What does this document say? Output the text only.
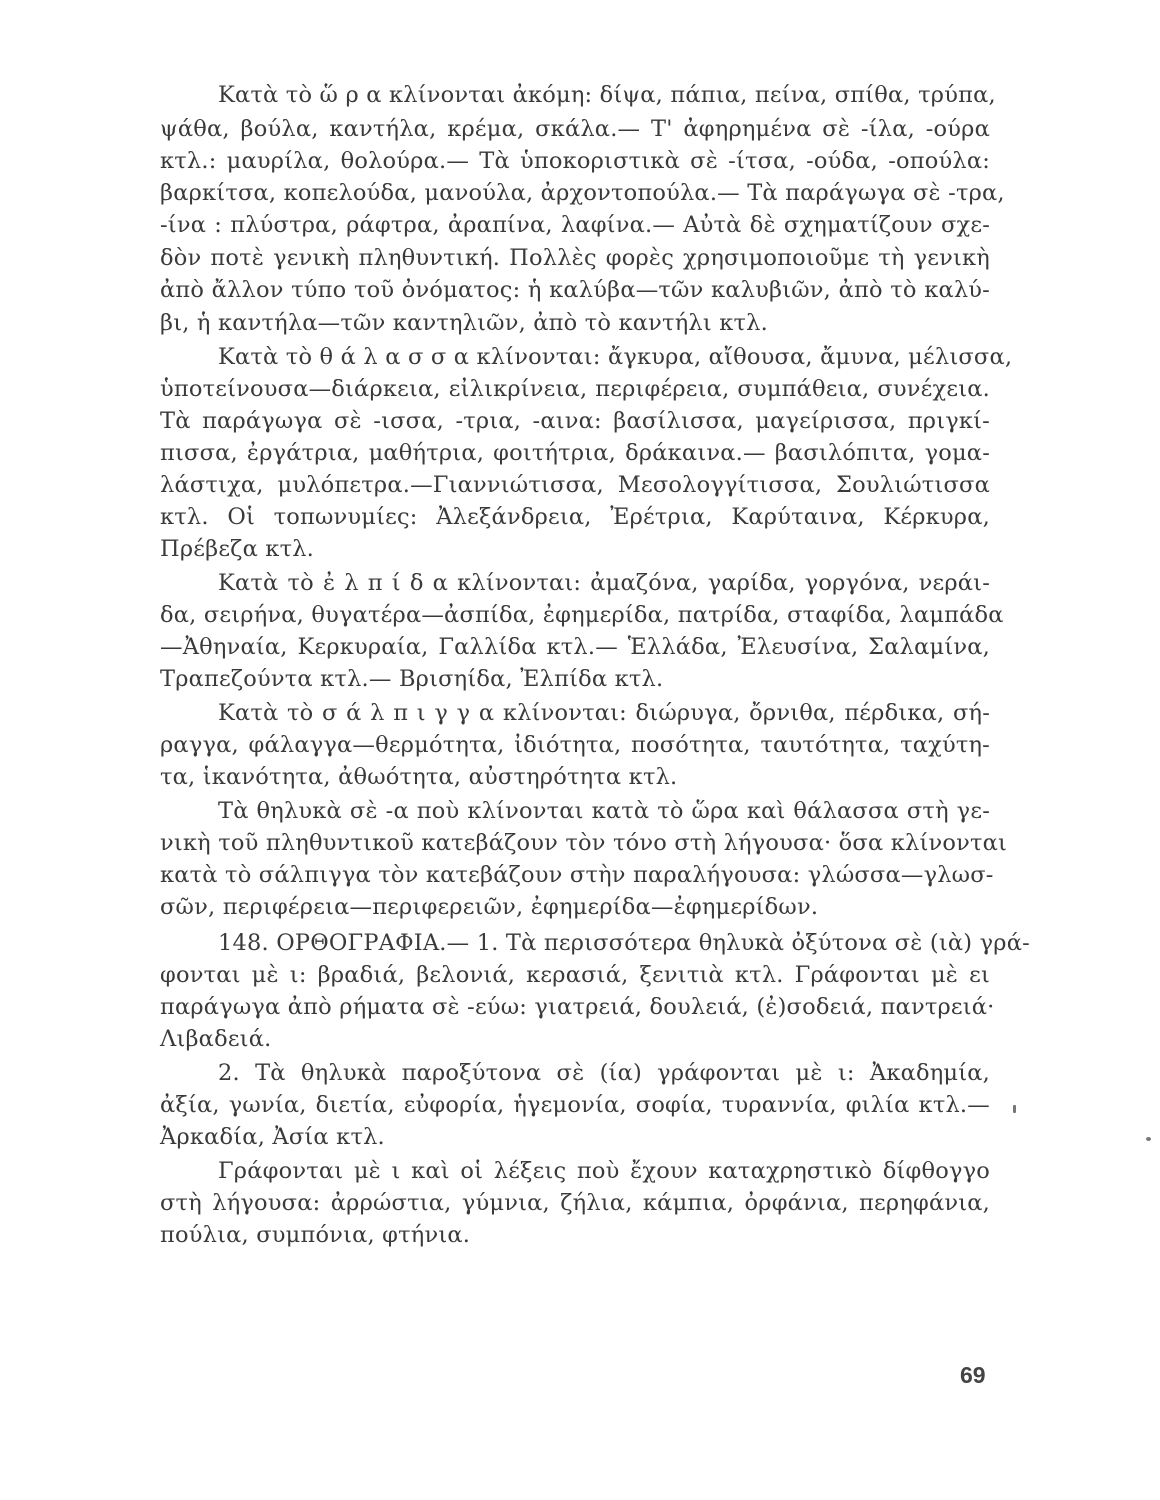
Κατὰ τὸ ὥ ρ α κλίνονται ἀκόμη: δίψα, πάπια, πείνα, σπίθα, τρύπα,
ψάθα, βούλα, καντήλα, κρέμα, σκάλα.— Τ' ἀφηρημένα σὲ -ίλα, -ούρα
κτλ.: μαυρίλα, θολούρα.— Τὰ ὑποκοριστικὰ σὲ -ίτσα, -ούδα, -οπούλα:
βαρκίτσα, κοπελούδα, μανούλα, ἀρχοντοπούλα.— Τὰ παράγωγα σὲ -τρα,
-ίνα : πλύστρα, ράφτρα, ἀραπίνα, λαφίνα.— Αὐτὰ δὲ σχηματίζουν σχε-
δὸν ποτὲ γενικὴ πληθυντική. Πολλὲς φορὲς χρησιμοποιοῦμε τὴ γενικὴ
ἀπὸ ἄλλον τύπο τοῦ ὀνόματος: ἡ καλύβα—τῶν καλυβιῶν, ἀπὸ τὸ καλύ-
βι, ἡ καντήλα—τῶν καντηλιῶν, ἀπὸ τὸ καντήλι κτλ.
Κατὰ τὸ θ ά λ α σ σ α κλίνονται: ἄγκυρα, αἴθουσα, ἄμυνα, μέλισσα,
ὑποτείνουσα—διάρκεια, εἰλικρίνεια, περιφέρεια, συμπάθεια, συνέχεια.
Τὰ παράγωγα σὲ -ισσα, -τρια, -αινα: βασίλισσα, μαγείρισσα, πριγκί-
πισσα, ἐργάτρια, μαθήτρια, φοιτήτρια, δράκαινα.— βασιλόπιτα, γομα-
λάστιχα, μυλόπετρα.—Γιαννιώτισσα, Μεσολογγίτισσα, Σουλιώτισσα
κτλ. Οἱ τοπωνυμίες: Ἀλεξάνδρεια, Ἐρέτρια, Καρύταινα, Κέρκυρα,
Πρέβεζα κτλ.
Κατὰ τὸ ἐ λ π ί δ α κλίνονται: ἀμαζόνα, γαρίδα, γοργόνα, νεράι-
δα, σειρήνα, θυγατέρα—ἀσπίδα, ἐφημερίδα, πατρίδα, σταφίδα, λαμπάδα
—Ἀθηναία, Κερκυραία, Γαλλίδα κτλ.— Ἑλλάδα, Ἐλευσίνα, Σαλαμίνα,
Τραπεζούντα κτλ.— Βρισηίδα, Ἐλπίδα κτλ.
Κατὰ τὸ σ ά λ π ι γ γ α κλίνονται: διώρυγα, ὄρνιθα, πέρδικα, σή-
ραγγα, φάλαγγα—θερμότητα, ἰδιότητα, ποσότητα, ταυτότητα, ταχύτη-
τα, ἱκανότητα, ἀθωότητα, αὐστηρότητα κτλ.
Τὰ θηλυκὰ σὲ -α ποὺ κλίνονται κατὰ τὸ ὥρα καὶ θάλασσα στὴ γε-
νικὴ τοῦ πληθυντικοῦ κατεβάζουν τὸν τόνο στὴ λήγουσα· ὅσα κλίνονται
κατὰ τὸ σάλπιγγα τὸν κατεβάζουν στὴν παραλήγουσα: γλώσσα—γλωσ-
σῶν, περιφέρεια—περιφερειῶν, ἐφημερίδα—ἐφημερίδων.
148. ΟΡΘΟΓΡΑΦΙΑ.— 1. Τὰ περισσότερα θηλυκὰ ὀξύτονα σὲ (ιὰ) γρά-
φονται μὲ ι: βραδιά, βελονιά, κερασιά, ξενιτιὰ κτλ. Γράφονται μὲ ει
παράγωγα ἀπὸ ρήματα σὲ -εύω: γιατρειά, δουλειά, (ἐ)σοδειά, παντρειά·
Λιβαδειά.
2. Τὰ θηλυκὰ παροξύτονα σὲ (ία) γράφονται μὲ ι: Ἀκαδημία,
ἀξία, γωνία, διετία, εὐφορία, ἡγεμονία, σοφία, τυραννία, φιλία κτλ.—
Ἀρκαδία, Ἀσία κτλ.
Γράφονται μὲ ι καὶ οἱ λέξεις ποὺ ἔχουν καταχρηστικὸ δίφθογγο
στὴ λήγουσα: ἀρρώστια, γύμνια, ζήλια, κάμπια, ὀρφάνια, περηφάνια,
πούλια, συμπόνια, φτήνια.
69
